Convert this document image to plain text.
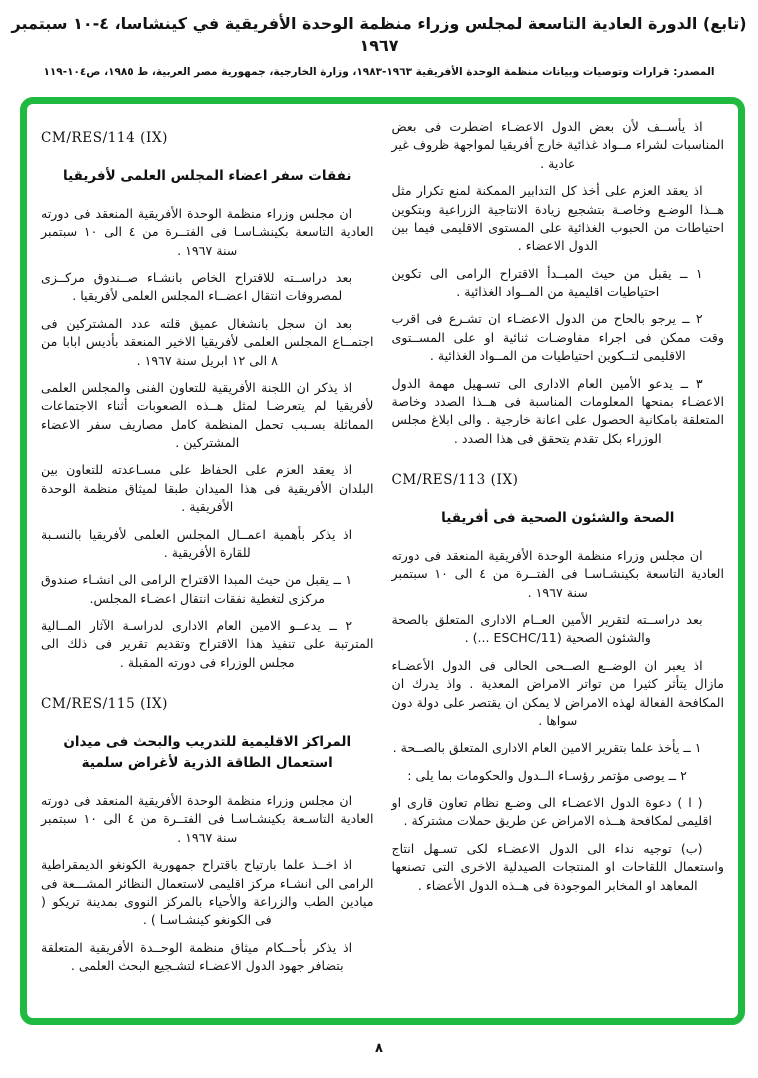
(تابع) الدورة العادية التاسعة لمجلس وزراء منظمة الوحدة الأفريقية في كينشاسا، ٤-١٠ سبتمبر ١٩٦٧
المصدر: قرارات وتوصيات وبيانات منظمة الوحدة الأفريقية ١٩٦٣-١٩٨٣، وزارة الخارجية، جمهورية مصر العربية، ط ١٩٨٥، ص١٠٤-١١٩

اذ يأســف لأن بعض الدول الاعضـاء اضطرت فى بعض المناسبات لشراء مــواد غذائية خارج أفريقيا لمواجهة ظروف غير عادية .

اذ يعقد العزم على أخذ كل التدابير الممكنة لمنع تكرار مثل هــذا الوضـع وخاصـة بتشجيع زيادة الانتاجية الزراعية وبتكوين احتياطات من الحبوب الغذائية على المستوى الاقليمى فيما بين الدول الاعضاء .

١ ــ يقبل من حيث المبــدأ الاقتراح الرامى الى تكوين احتياطيات اقليمية من المــواد الغذائية .

٢ ــ يرجو بالحاح من الدول الاعضـاء ان تشـرع فى اقرب وقت ممكن فى اجراء مفاوضـات ثنائية او على المســتوى الاقليمى لتــكوين احتياطيات من المــواد الغذائية .

٣ ــ يدعو الأمين العام الادارى الى تسـهيل مهمة الدول الاعضـاء بمنحها المعلومات المناسبة فى هــذا الصدد وخاصة المتعلقة بامكانية الحصول على اعانة خارجية . والى ابلاغ مجلس الوزراء بكل تقدم يتحقق فى هذا الصدد .

CM/RES/113 (IX)
الصحة والشئون الصحية فى أفريقيا

ان مجلس وزراء منظمة الوحدة الأفريقية المنعقد فى دورته العادية التاسعة بكينشـاسـا فى الفتــرة من ٤ الى ١٠ سبتمبر سنة ١٩٦٧ .

بعد دراســته لتقرير الأمين العــام الادارى المتعلق بالصحة والشئون الصحية (ESCHC/11 ...) .

اذ يعبر ان الوضــع الصــحى الحالى فى الدول الأعضـاء مازال يتأثر كثيرا من تواتر الامراض المعدية . واذ يدرك ان المكافحة الفعالة لهذه الامراض لا يمكن ان يقتصر على دولة دون سواها .

١ ــ يأخذ علما بتقرير الامين العام الادارى المتعلق بالصــحة .

٢ ــ يوصى مؤتمر رؤسـاء الــدول والحكومات بما يلى :

( ا ) دعوة الدول الاعضـاء الى وضـع نظام تعاون قارى او اقليمى لمكافحة هــذه الامراض عن طريق حملات مشتركة .

(ب) توجيه نداء الى الدول الاعضـاء لكى تسـهل انتاج واستعمال اللقاحات او المنتجات الصيدلية الاخرى التى تصنعها المعاهد او المخابر الموجودة فى هــذه الدول الأعضاء .

CM/RES/114 (IX)
نفقات سفر اعضاء المجلس العلمى لأفريقيا

ان مجلس وزراء منظمة الوحدة الأفريقية المنعقد فى دورته العادية التاسعة بكينشـاسـا فى الفتــرة من ٤ الى ١٠ سبتمبر سنة ١٩٦٧ .

بعد دراســته للاقتراح الخاص بانشـاء صــندوق مركــزى لمصروفات انتقال اعضــاء المجلس العلمى لأفريقيا .

بعد ان سجل بانشغال عميق قلته عدد المشتركين فى اجتمــاع المجلس العلمى لأفريقيا الاخير المنعقد بأديس ابابا من ٨ الى ١٢ ابريل سنة ١٩٦٧ .

اذ يذكر ان اللجنة الأفريقية للتعاون الفنى والمجلس العلمى لأفريقيا لم يتعرضـا لمثل هــذه الصعوبات أثناء الاجتماعات المماثلة بسـبب تحمل المنظمة كامل مصاريف سفر الاعضاء المشتركين .

اذ يعقد العزم على الحفاظ على مسـاعدته للتعاون بين البلدان الأفريقية فى هذا الميدان طبقا لميثاق منظمة الوحدة الأفريقية .

اذ يذكر بأهمية اعمــال المجلس العلمى لأفريقيا بالنسـبة للقارة الأفريقية .

١ ــ يقبل من حيث المبدا الاقتراح الرامى الى انشـاء صندوق مركزى لتغطية نفقات انتقال اعضـاء المجلس.

٢ ــ يدعــو الامين العام الادارى لدراسـة الآثار المــالية المترتبة على تنفيذ هذا الاقتراح وتقديم تقرير فى ذلك الى مجلس الوزراء فى دورته المقبلة .

CM/RES/115 (IX)
المراكز الاقليمية للتدريب والبحث فى ميدان استعمال الطاقة الذرية لأغراض سلمية

ان مجلس وزراء منظمة الوحدة الأفريقية المنعقد فى دورته العادية التاسـعة بكينشـاسـا فى الفتــرة من ٤ الى ١٠ سبتمبر سنة ١٩٦٧ .

اذ اخــذ علما بارتياح باقتراح جمهورية الكونغو الديمقراطية الرامى الى انشـاء مركز اقليمى لاستعمال النظائر المشـــعة فى ميادين الطب والزراعة والأحياء بالمركز النووى بمدينة تريكو ( فى الكونغو كينشـاسـا ) .

اذ يذكر بأحــكام ميثاق منظمة الوحــدة الأفريقية المتعلقة بتضافر جهود الدول الاعضـاء لتشـجيع البحث العلمى .

٨
